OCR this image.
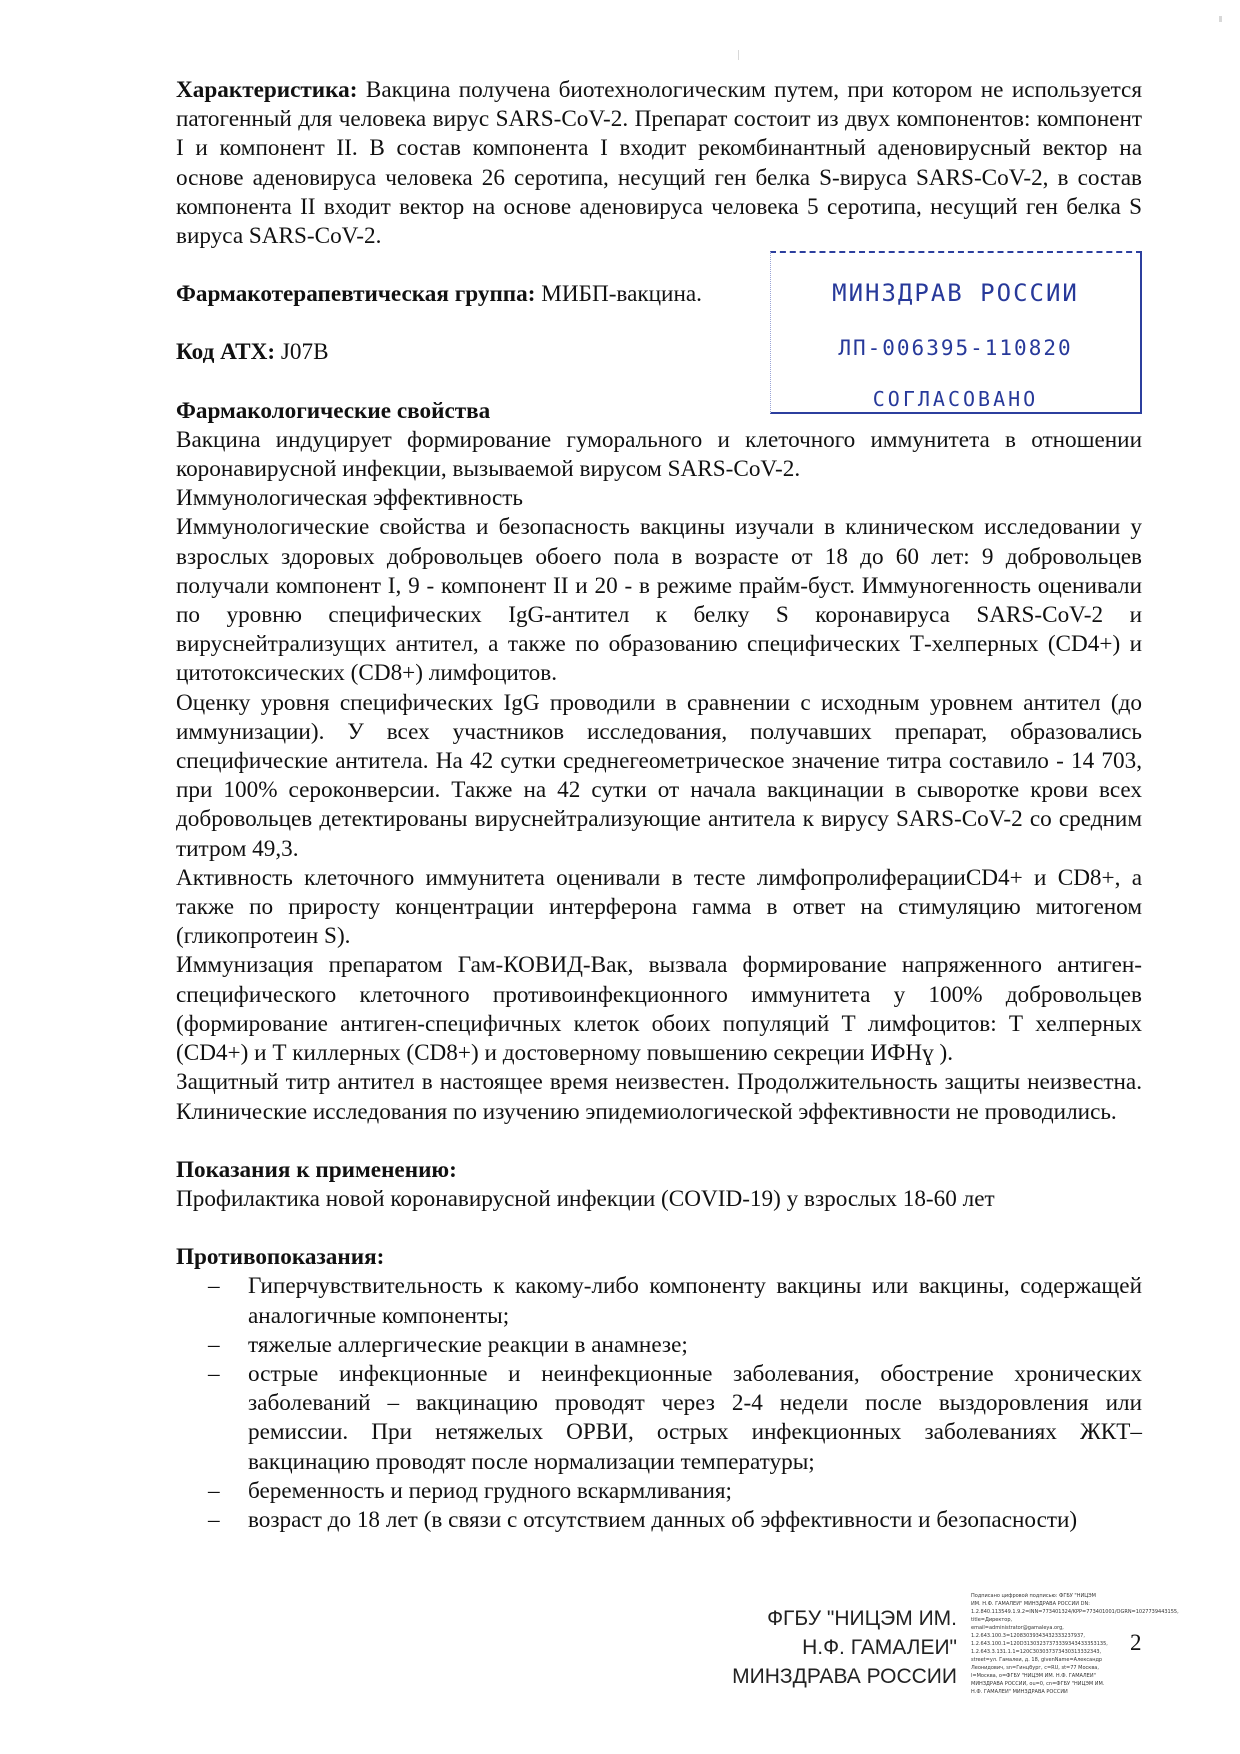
Характеристика: Вакцина получена биотехнологическим путем, при котором не используется патогенный для человека вирус SARS-CoV-2. Препарат состоит из двух компонентов: компонент I и компонент II. В состав компонента I входит рекомбинантный аденовирусный вектор на основе аденовируса человека 26 серотипа, несущий ген белка S-вируса SARS-CoV-2, в состав компонента II входит вектор на основе аденовируса человека 5 серотипа, несущий ген белка S вируса SARS-CoV-2.

Фармакотерапевтическая группа: МИБП-вакцина.

Код ATX: J07B

Фармакологические свойства

Вакцина индуцирует формирование гуморального и клеточного иммунитета в отношении коронавирусной инфекции, вызываемой вирусом SARS-CoV-2.

Иммунологическая эффективность

Иммунологические свойства и безопасность вакцины изучали в клиническом исследовании у взрослых здоровых добровольцев обоего пола в возрасте от 18 до 60 лет: 9 добровольцев получали компонент I, 9 - компонент II и 20 - в режиме прайм-буст. Иммуногенность оценивали по уровню специфических IgG-антител к белку S коронавируса SARS-CoV-2 и вируснейтрализущих антител, а также по образованию специфических Т-хелперных (CD4+) и цитотоксических (CD8+) лимфоцитов.

Оценку уровня специфических IgG проводили в сравнении с исходным уровнем антител (до иммунизации). У всех участников исследования, получавших препарат, образовались специфические антитела. На 42 сутки среднегеометрическое значение титра составило - 14 703, при 100% сероконверсии. Также на 42 сутки от начала вакцинации в сыворотке крови всех добровольцев детектированы вируснейтрализующие антитела к вирусу SARS-CoV-2 со средним титром 49,3.

Активность клеточного иммунитета оценивали в тесте лимфопролиферацииCD4+ и CD8+, а также по приросту концентрации интерферона гамма в ответ на стимуляцию митогеном (гликопротеин S).

Иммунизация препаратом Гам-КОВИД-Вак, вызвала формирование напряженного антиген-специфического клеточного противоинфекционного иммунитета у 100% добровольцев (формирование антиген-специфичных клеток обоих популяций Т лимфоцитов: Т хелперных (CD4+) и Т киллерных (CD8+) и достоверному повышению секреции ИФНɣ ).

Защитный титр антител в настоящее время неизвестен. Продолжительность защиты неизвестна. Клинические исследования по изучению эпидемиологической эффективности не проводились.

Показания к применению:

Профилактика новой коронавирусной инфекции (COVID-19) у взрослых 18-60 лет

Противопоказания:

– Гиперчувствительность к какому-либо компоненту вакцины или вакцины, содержащей аналогичные компоненты;
– тяжелые аллергические реакции в анамнезе;
– острые инфекционные и неинфекционные заболевания, обострение хронических заболеваний – вакцинацию проводят через 2-4 недели после выздоровления или ремиссии. При нетяжелых ОРВИ, острых инфекционных заболеваниях ЖКТ– вакцинацию проводят после нормализации температуры;
– беременность и период грудного вскармливания;
– возраст до 18 лет (в связи с отсутствием данных об эффективности и безопасности)
МИНЗДРАВ РОССИИ
ЛП-006395-110820
СОГЛАСОВАНО
ФГБУ "НИЦЭМ ИМ.
Н.Ф. ГАМАЛЕИ"
МИНЗДРАВА РОССИИ
Подписано цифровой подписью: ФГБУ "НИЦЭМ ИМ. Н.Ф. ГАМАЛЕИ" МИНЗДРАВА РОССИИ DN: 1.2.840.113549.1.9.2=INN=773401324/KPP=773401001/OGRN=1027739443155, title=Директор, email=administrator@gamaleya.org, 1.2.643.100.3=12083039343432333237937, 1.2.643.100.1=120D31303237373339343433353135, 1.2.643.3.131.1.1=120C303037373430313332343, street=ул. Гамалеи, д. 18, givenName=Александр Леонидович, sn=Гинцбург, c=RU, st=77 Москва, l=Москва, o=ФГБУ "НИЦЭМ ИМ. Н.Ф. ГАМАЛЕИ" МИНЗДРАВА РОССИИ, ou=0, cn=ФГБУ "НИЦЭМ ИМ. Н.Ф. ГАМАЛЕИ" МИНЗДРАВА РОССИИ
2
